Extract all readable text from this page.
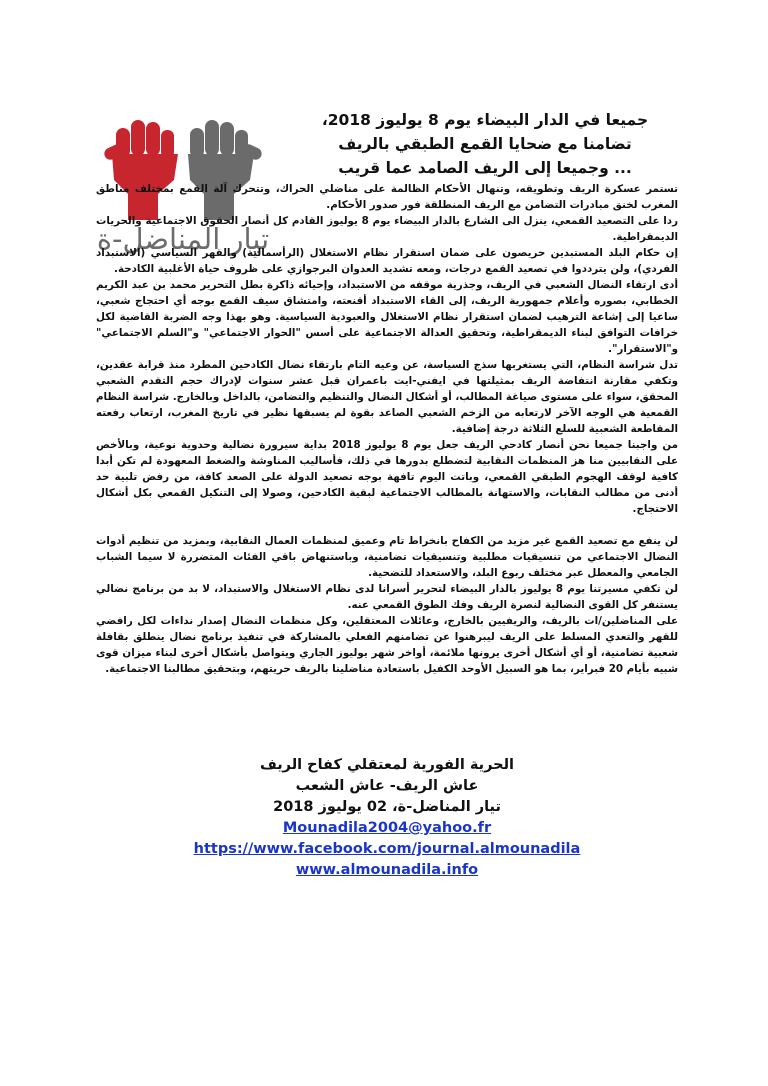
تيار المناضل-ة
جميعا في الدار البيضاء يوم 8 يوليوز 2018،
تضامنا مع ضحايا القمع الطبقي بالريف
... وجميعا إلى الريف الصامد عما قريب

تستمر عسكرة الريف وتطويقه، وتنهال الأحكام الظالمة على مناضلي الحراك، وتتحرك آلة القمع بمختلف مناطق المغرب لخنق مبادرات التضامن مع الريف المنطلقة فور صدور الأحكام.

ردا على التصعيد القمعي، ينزل الى الشارع بالدار البيضاء يوم 8 يوليوز القادم كل أنصار الحقوق الاجتماعية والحريات الديمقراطية.

إن حكام البلد المستبدين حريصون على ضمان استقرار نظام الاستغلال (الرأسمالية) والقهر السياسي (الاستبداد الفردي)، ولن يترددوا في تصعيد القمع درجات، ومعه تشديد العدوان البرجوازي على ظروف حياة الأغلبية الكادحة.

أدى ارتقاء النضال الشعبي في الريف، وجذرية موقفه من الاستبداد، وإحيائه ذاكرة بطل التحرير محمد بن عبد الكريم الخطابي، بصوره وأعلام جمهورية الريف، إلى القاء الاستبداد أقنعته، وامتشاق سيف القمع بوجه أي احتجاج شعبي، ساعيا إلى إشاعة الترهيب لضمان استقرار نظام الاستغلال والعبودية السياسية. وهو بهذا وجه الضربة القاضية لكل خرافات التوافق لبناء الديمقراطية، وتحقيق العدالة الاجتماعية على أسس "الحوار الاجتماعي" و"السلم الاجتماعي" و"الاستقرار".

تدل شراسة النظام، التي يستغربها سذج السياسة، عن وعيه التام بارتقاء نضال الكادحين المطرد منذ قرابة عقدين، وتكفي مقارنة انتفاضة الريف بمثيلتها في ايفني-ايت باعمران قبل عشر سنوات لإدراك حجم التقدم الشعبي المحقق، سواء على مستوى صياغة المطالب، أو أشكال النضال والتنظيم والتضامن، بالداخل وبالخارج. شراسة النظام القمعية هي الوجه الآخر لارتعابه من الزخم الشعبي الصاعد بقوة لم يسبقها نظير في تاريخ المغرب، ارتعاب رفعته المقاطعة الشعبية للسلع الثلاثة درجة إضافية.

من واجبنا جميعا نحن أنصار كادحي الريف جعل يوم 8 يوليوز 2018 بداية سيرورة نضالية وحدوية نوعية، وبالأخص على النقابيين منا هز المنظمات النقابية لتضطلع بدورها في ذلك، فأساليب المناوشة والضغط المعهودة لم تكن أبدا كافية لوقف الهجوم الطبقي القمعي، وباتت اليوم تافهة بوجه تصعيد الدولة على الصعد كافة، من رفض تلبية حد أدنى من مطالب النقابات، والاستهانة بالمطالب الاجتماعية لبقية الكادحين، وصولا إلى التنكيل القمعي بكل أشكال الاحتجاج.

لن ينفع مع تصعيد القمع غير مزيد من الكفاح بانخراط تام وعميق لمنظمات العمال النقابية، وبمزيد من تنظيم أدوات النضال الاجتماعي من تنسيقيات مطلبية وتنسيقيات تضامنية، وباستنهاض باقي الفئات المتضررة لا سيما الشباب الجامعي والمعطل عبر مختلف ربوع البلد، والاستعداد للتضحية.

لن تكفي مسيرتنا يوم 8 يوليوز بالدار البيضاء لتحرير أسرانا لدى نظام الاستغلال والاستبداد، لا بد من برنامج نضالي يستنفر كل القوى النضالية لنصرة الريف وفك الطوق القمعي عنه.

على المناضلين/ات بالريف، والريفيين بالخارج، وعائلات المعتقلين، وكل منظمات النضال إصدار نداءات لكل رافضي للقهر والتعدي المسلط على الريف ليبرهنوا عن تضامنهم الفعلي بالمشاركة في تنفيذ برنامج نضال ينطلق بقافلة شعبية تضامنية، أو أي أشكال أخرى يرونها ملائمة، أواخر شهر يوليوز الجاري ويتواصل بأشكال أخرى لبناء ميزان قوى شبيه بأيام 20 فبراير، بما هو السبيل الأوحد الكفيل باستعادة مناضلينا بالريف حريتهم، وبتحقيق مطالبنا الاجتماعية.

الحرية الفورية لمعتقلي كفاح الريف
عاش الريف- عاش الشعب
تيار المناضل-ة، 02 يوليوز 2018
Mounadila2004@yahoo.fr
https://www.facebook.com/journal.almounadila
www.almounadila.info
